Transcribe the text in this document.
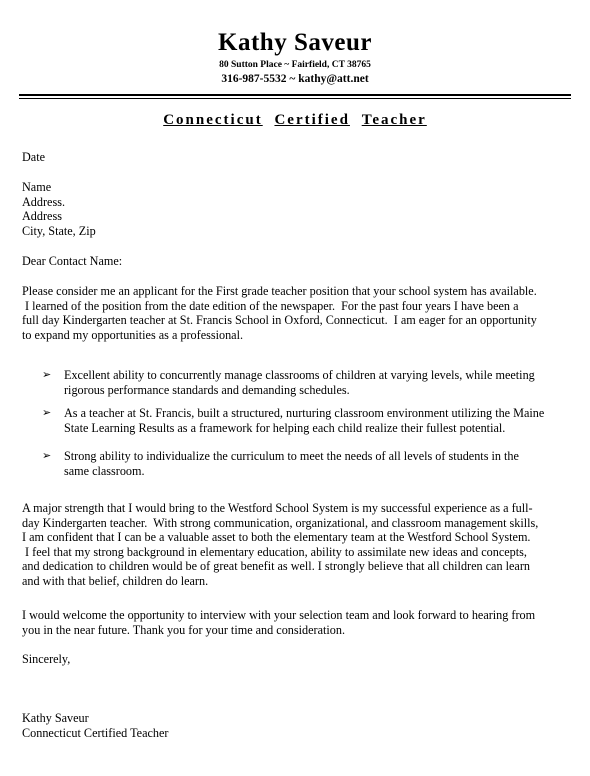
Kathy Saveur
80 Sutton Place ~ Fairfield, CT 38765
316-987-5532 ~ kathy@att.net
Connecticut Certified Teacher
Date
Name
Address.
Address
City, State, Zip
Dear Contact Name:
Please consider me an applicant for the First grade teacher position that your school system has available.
I learned of the position from the date edition of the newspaper.  For the past four years I have been a
full day Kindergarten teacher at St. Francis School in Oxford, Connecticut.  I am eager for an opportunity
to expand my opportunities as a professional.
➢ Excellent ability to concurrently manage classrooms of children at varying levels, while meeting
rigorous performance standards and demanding schedules.
➢ As a teacher at St. Francis, built a structured, nurturing classroom environment utilizing the Maine
State Learning Results as a framework for helping each child realize their fullest potential.
➢ Strong ability to individualize the curriculum to meet the needs of all levels of students in the
same classroom.
A major strength that I would bring to the Westford School System is my successful experience as a full-
day Kindergarten teacher.  With strong communication, organizational, and classroom management skills,
I am confident that I can be a valuable asset to both the elementary team at the Westford School System.
I feel that my strong background in elementary education, ability to assimilate new ideas and concepts,
and dedication to children would be of great benefit as well. I strongly believe that all children can learn
and with that belief, children do learn.
I would welcome the opportunity to interview with your selection team and look forward to hearing from
you in the near future. Thank you for your time and consideration.
Sincerely,
Kathy Saveur
Connecticut Certified Teacher
